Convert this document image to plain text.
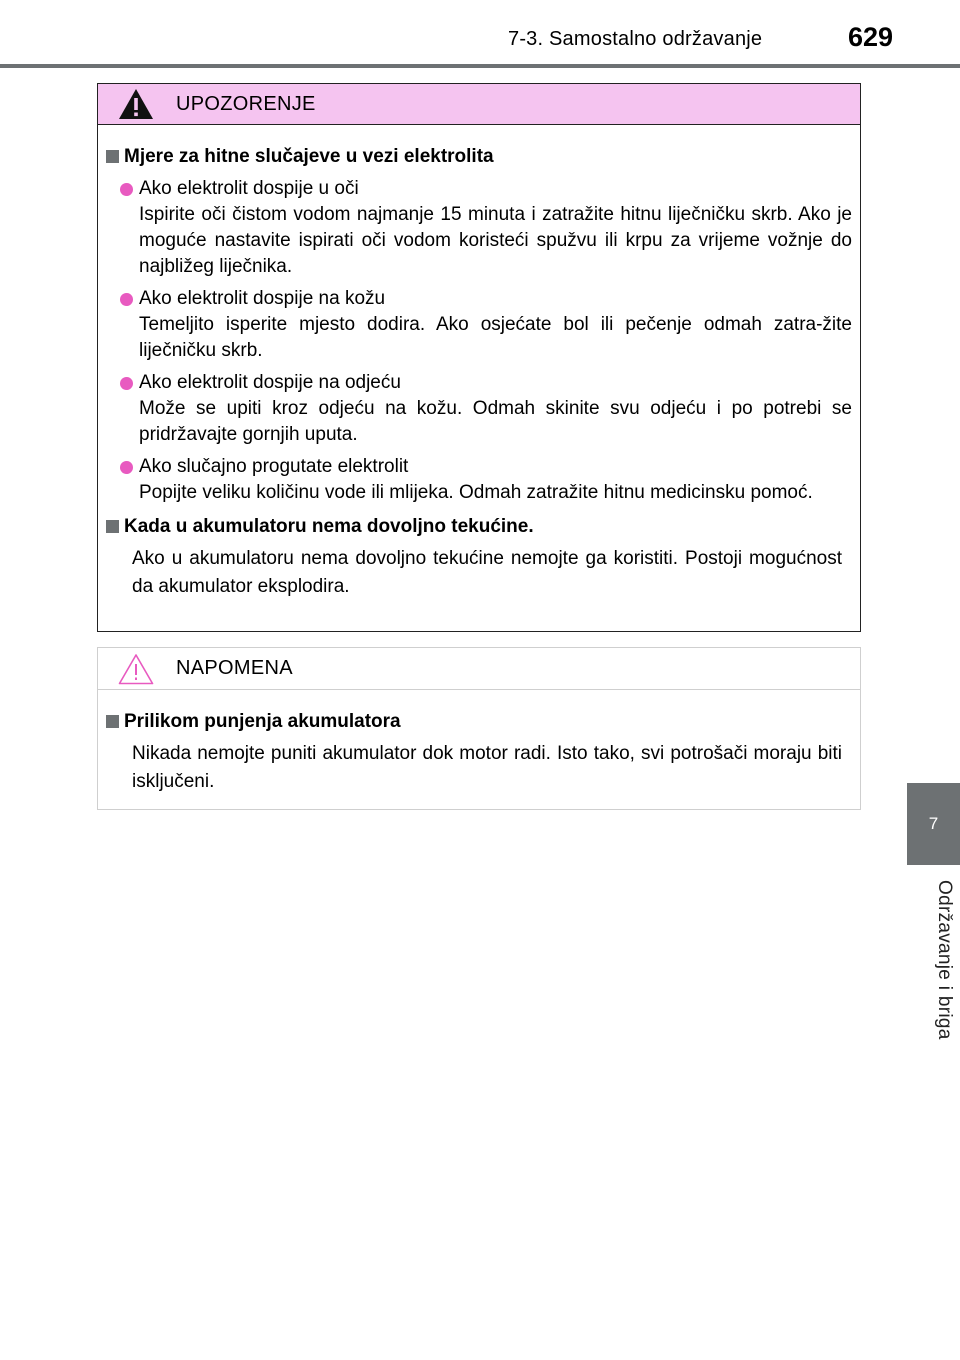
7-3. Samostalno održavanje	629
7
Održavanje i briga
UPOZORENJE
Mjere za hitne slučajeve u vezi elektrolita
Ako elektrolit dospije u oči
Ispirite oči čistom vodom najmanje 15 minuta i zatražite hitnu liječničku skrb. Ako je moguće nastavite ispirati oči vodom koristeći spužvu ili krpu za vrijeme vožnje do najbližeg liječnika.
Ako elektrolit dospije na kožu
Temeljito isperite mjesto dodira. Ako osjećate bol ili pečenje odmah zatra-žite liječničku skrb.
Ako elektrolit dospije na odjeću
Može se upiti kroz odjeću na kožu. Odmah skinite svu odjeću i po potrebi se pridržavajte gornjih uputa.
Ako slučajno progutate elektrolit
Popijte veliku količinu vode ili mlijeka. Odmah zatražite hitnu medicinsku pomoć.
Kada u akumulatoru nema dovoljno tekućine.
Ako u akumulatoru nema dovoljno tekućine nemojte ga koristiti. Postoji mogućnost da akumulator eksplodira.
NAPOMENA
Prilikom punjenja akumulatora
Nikada nemojte puniti akumulator dok motor radi. Isto tako, svi potrošači moraju biti isključeni.
